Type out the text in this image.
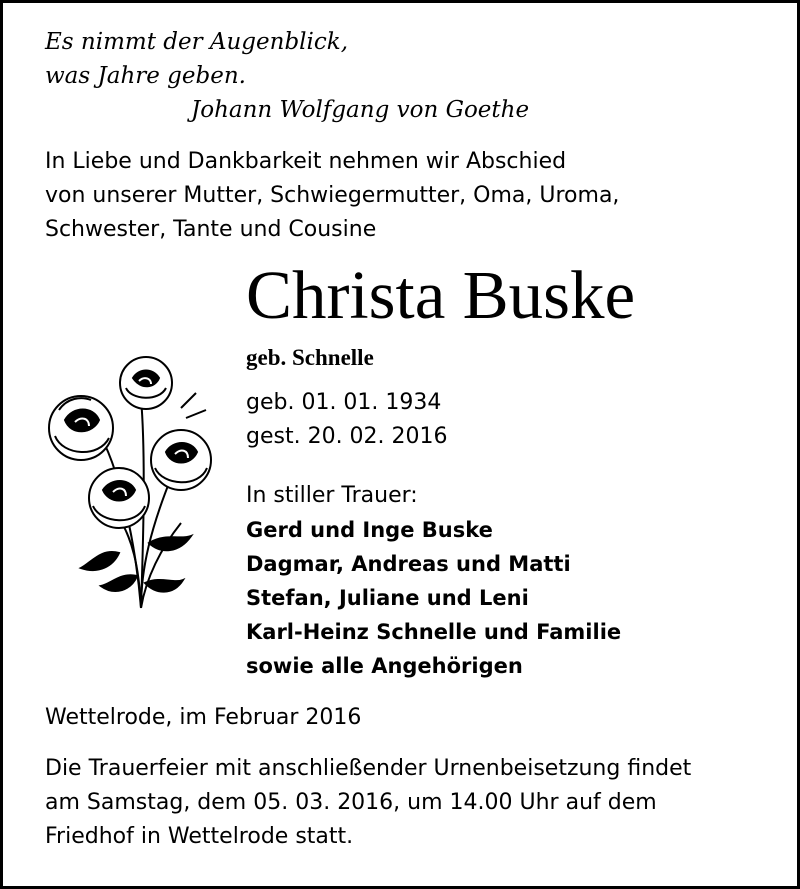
Es nimmt der Augenblick,
was Jahre geben.
Johann Wolfgang von Goethe
In Liebe und Dankbarkeit nehmen wir Abschied
von unserer Mutter, Schwiegermutter, Oma, Uroma,
Schwester, Tante und Cousine
Christa Buske
geb. Schnelle
geb. 01. 01. 1934
gest. 20. 02. 2016
In stiller Trauer:
Gerd und Inge Buske
Dagmar, Andreas und Matti
Stefan, Juliane und Leni
Karl-Heinz Schnelle und Familie
sowie alle Angehörigen
Wettelrode, im Februar 2016
Die Trauerfeier mit anschließender Urnenbeisetzung findet
am Samstag, dem 05. 03. 2016, um 14.00 Uhr auf dem
Friedhof in Wettelrode statt.
